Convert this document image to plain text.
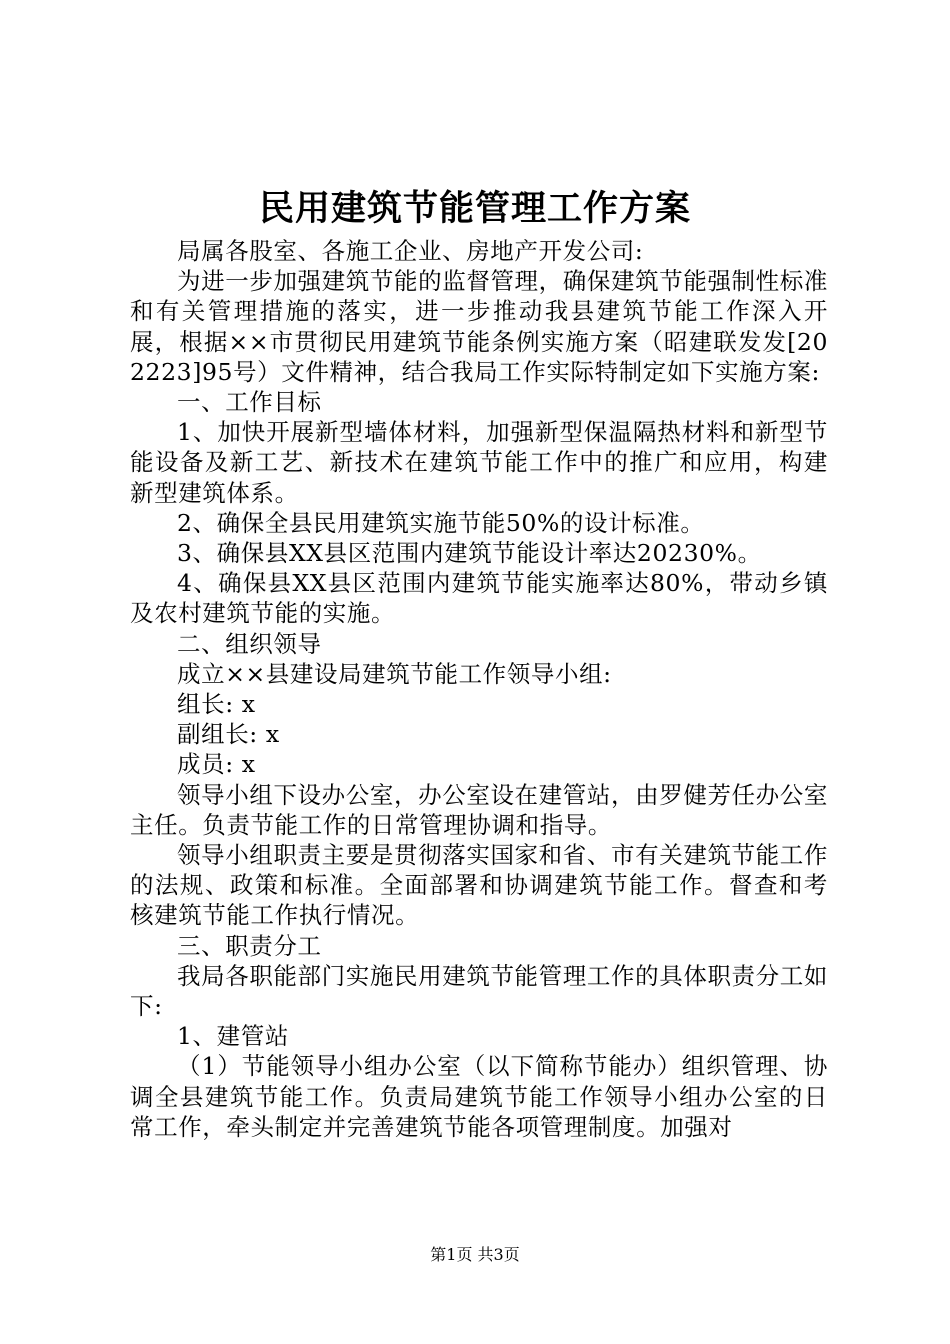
民用建筑节能管理工作方案

局属各股室、各施工企业、房地产开发公司:

为进一步加强建筑节能的监督管理，确保建筑节能强制性标准和有关管理措施的落实，进一步推动我县建筑节能工作深入开展，根据××市贯彻民用建筑节能条例实施方案（昭建联发发[202223]95号）文件精神，结合我局工作实际特制定如下实施方案:

一、工作目标

1、加快开展新型墙体材料，加强新型保温隔热材料和新型节能设备及新工艺、新技术在建筑节能工作中的推广和应用，构建新型建筑体系。

2、确保全县民用建筑实施节能50%的设计标准。

3、确保县XX县区范围内建筑节能设计率达20230%。

4、确保县XX县区范围内建筑节能实施率达80%，带动乡镇及农村建筑节能的实施。

二、组织领导

成立××县建设局建筑节能工作领导小组:

组长: x

副组长: x

成员: x

领导小组下设办公室，办公室设在建管站，由罗健芳任办公室主任。负责节能工作的日常管理协调和指导。

领导小组职责主要是贯彻落实国家和省、市有关建筑节能工作的法规、政策和标准。全面部署和协调建筑节能工作。督查和考核建筑节能工作执行情况。

三、职责分工

我局各职能部门实施民用建筑节能管理工作的具体职责分工如下:

1、建管站

（1）节能领导小组办公室（以下简称节能办）组织管理、协调全县建筑节能工作。负责局建筑节能工作领导小组办公室的日常工作，牵头制定并完善建筑节能各项管理制度。加强对

第1页 共3页
